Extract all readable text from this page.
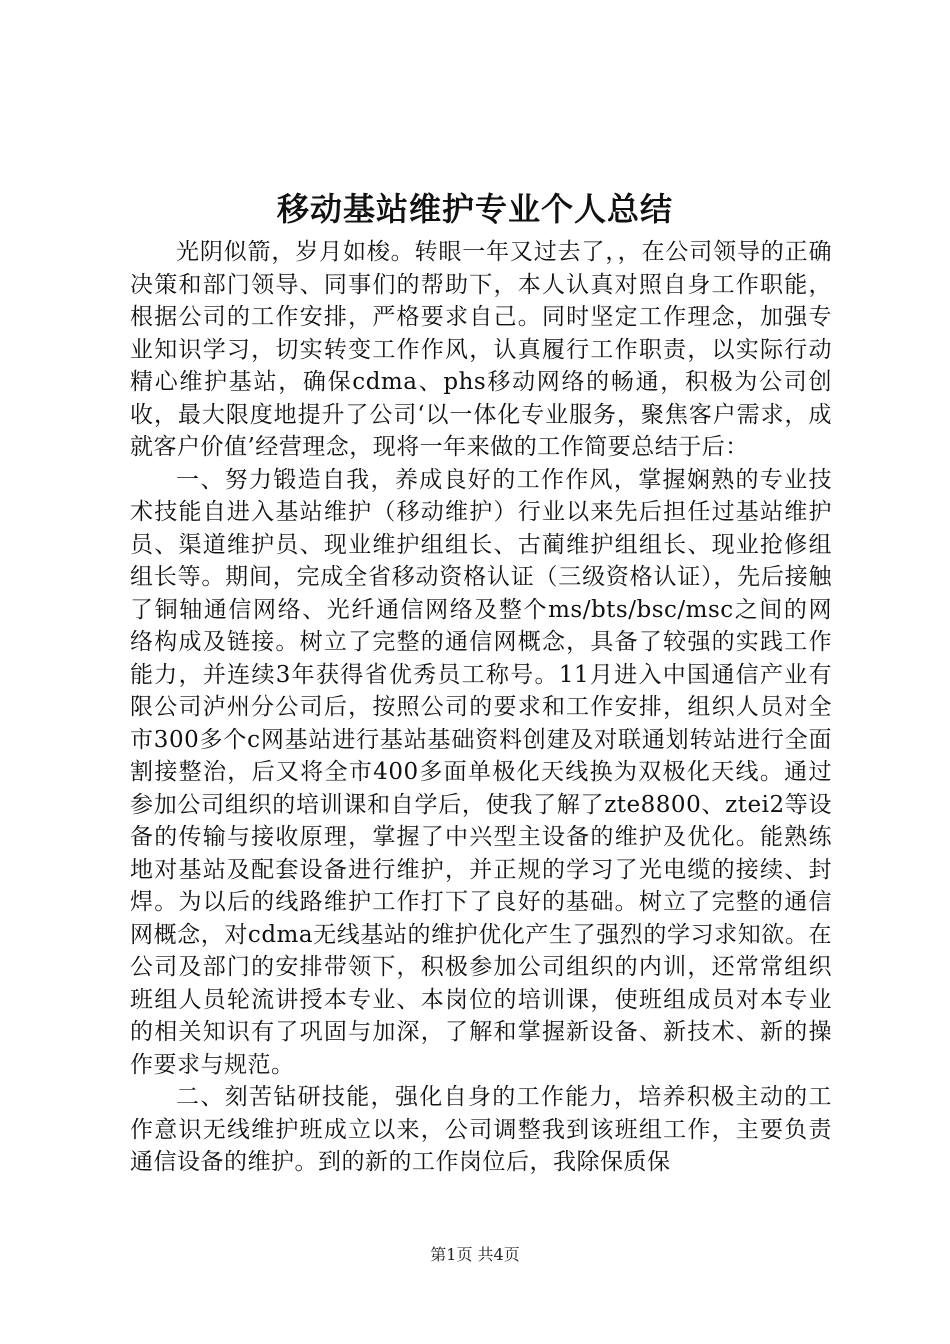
移动基站维护专业个人总结

光阴似箭，岁月如梭。转眼一年又过去了，，在公司领导的正确决策和部门领导、同事们的帮助下，本人认真对照自身工作职能，根据公司的工作安排，严格要求自己。同时坚定工作理念，加强专业知识学习，切实转变工作作风，认真履行工作职责，以实际行动精心维护基站，确保cdma、phs移动网络的畅通，积极为公司创收，最大限度地提升了公司‘以一体化专业服务，聚焦客户需求，成就客户价值’经营理念，现将一年来做的工作简要总结于后：

一、努力锻造自我，养成良好的工作作风，掌握娴熟的专业技术技能自进入基站维护（移动维护）行业以来先后担任过基站维护员、渠道维护员、现业维护组组长、古蔺维护组组长、现业抢修组组长等。期间，完成全省移动资格认证（三级资格认证），先后接触了铜轴通信网络、光纤通信网络及整个ms/bts/bsc/msc之间的网络构成及链接。树立了完整的通信网概念，具备了较强的实践工作能力，并连续3年获得省优秀员工称号。11月进入中国通信产业有限公司泸州分公司后，按照公司的要求和工作安排，组织人员对全市300多个c网基站进行基站基础资料创建及对联通划转站进行全面割接整治，后又将全市400多面单极化天线换为双极化天线。通过参加公司组织的培训课和自学后，使我了解了zte8800、ztei2等设备的传输与接收原理，掌握了中兴型主设备的维护及优化。能熟练地对基站及配套设备进行维护，并正规的学习了光电缆的接续、封焊。为以后的线路维护工作打下了良好的基础。树立了完整的通信网概念，对cdma无线基站的维护优化产生了强烈的学习求知欲。在公司及部门的安排带领下，积极参加公司组织的内训，还常常组织班组人员轮流讲授本专业、本岗位的培训课，使班组成员对本专业的相关知识有了巩固与加深，了解和掌握新设备、新技术、新的操作要求与规范。

二、刻苦钻研技能，强化自身的工作能力，培养积极主动的工作意识无线维护班成立以来，公司调整我到该班组工作，主要负责通信设备的维护。到的新的工作岗位后，我除保质保

第1页 共4页
